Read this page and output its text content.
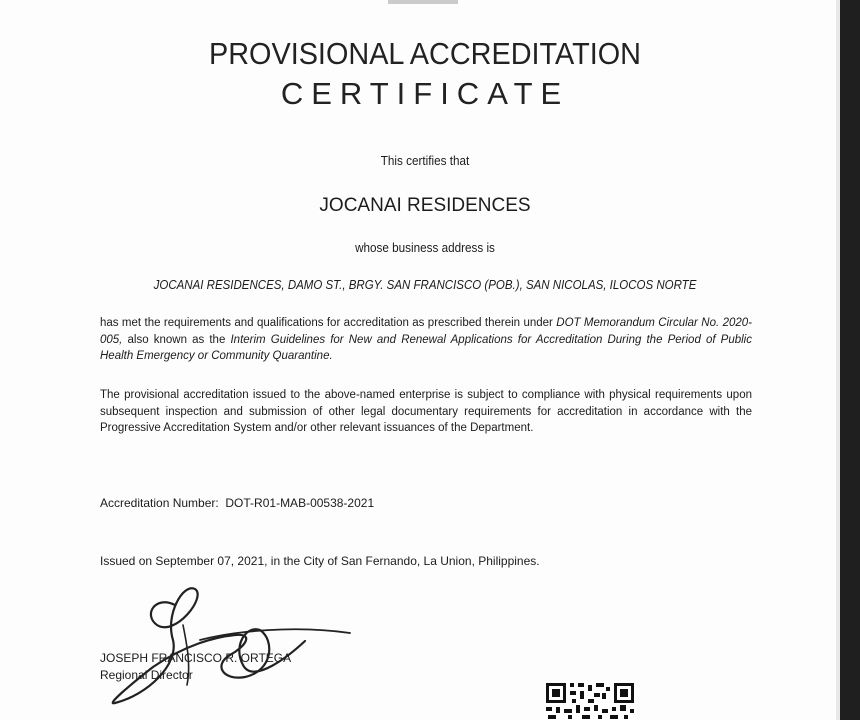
PROVISIONAL ACCREDITATION
CERTIFICATE
This certifies that
JOCANAI RESIDENCES
whose business address is
JOCANAI RESIDENCES, DAMO ST., BRGY. SAN FRANCISCO (POB.), SAN NICOLAS, ILOCOS NORTE
has met the requirements and qualifications for accreditation as prescribed therein under DOT Memorandum Circular No. 2020-005, also known as the Interim Guidelines for New and Renewal Applications for Accreditation During the Period of Public Health Emergency or Community Quarantine.
The provisional accreditation issued to the above-named enterprise is subject to compliance with physical requirements upon subsequent inspection and submission of other legal documentary requirements for accreditation in accordance with the Progressive Accreditation System and/or other relevant issuances of the Department.
Accreditation Number: DOT-R01-MAB-00538-2021
Issued on September 07, 2021, in the City of San Fernando, La Union, Philippines.
JOSEPH FRANCISCO R. ORTEGA
Regional Director
